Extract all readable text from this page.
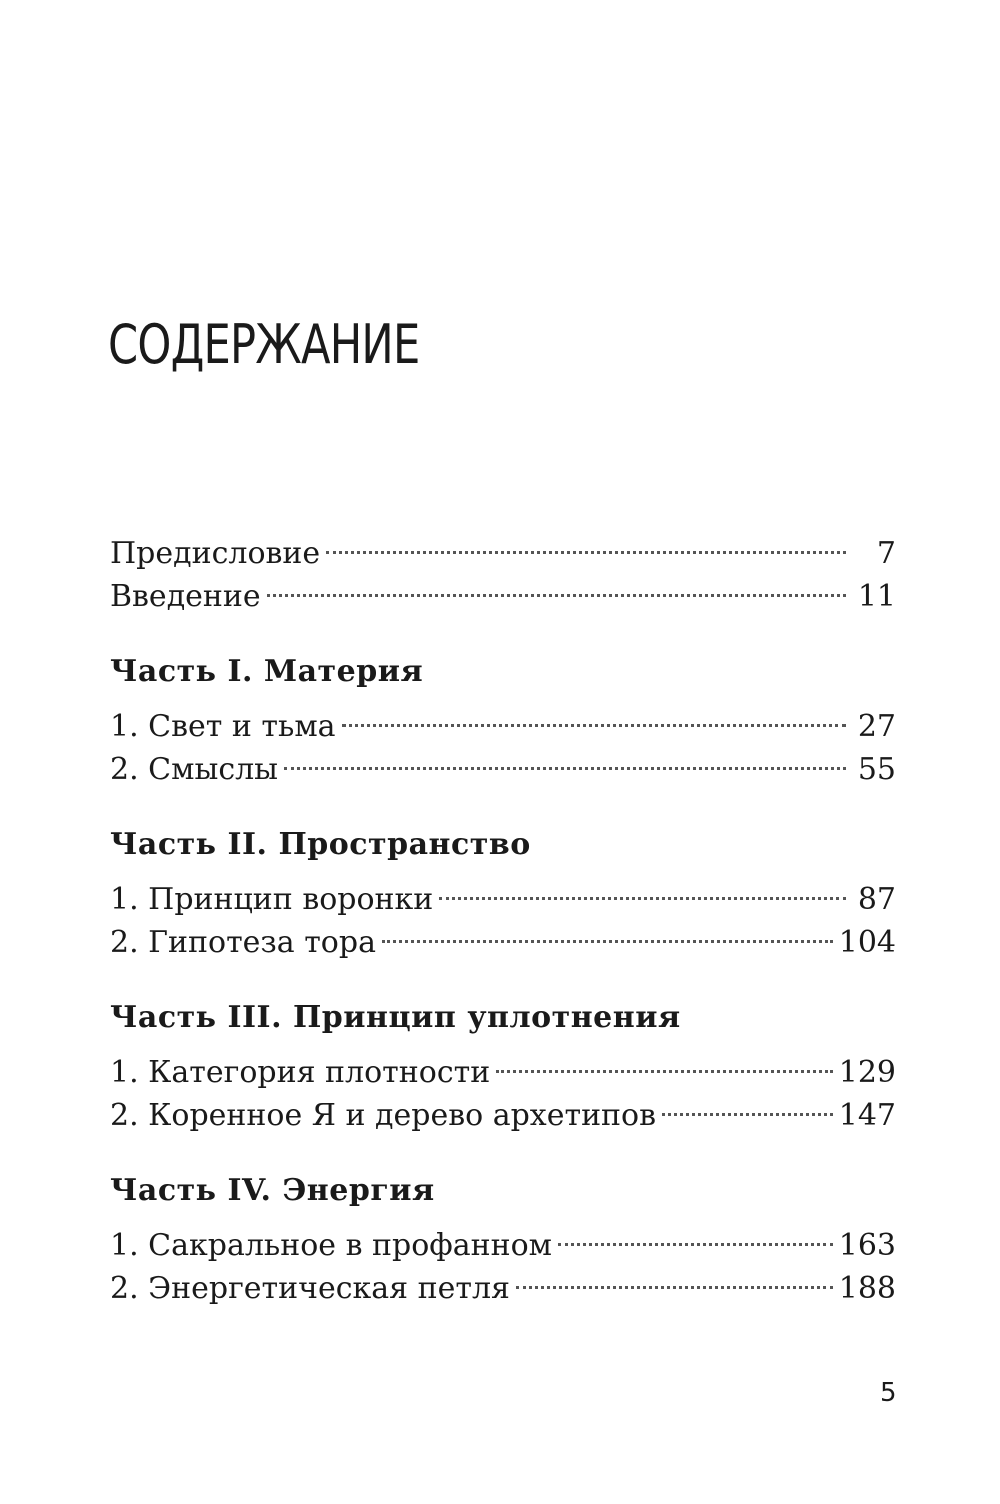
СОДЕРЖАНИЕ
Предисловие	7
Введение	11
Часть I. Материя
1. Свет и тьма	27
2. Смыслы	55
Часть II. Пространство
1. Принцип воронки	87
2. Гипотеза тора	104
Часть III. Принцип уплотнения
1. Категория плотности	129
2. Коренное Я и дерево архетипов	147
Часть IV. Энергия
1. Сакральное в профанном	163
2. Энергетическая петля	188
5
